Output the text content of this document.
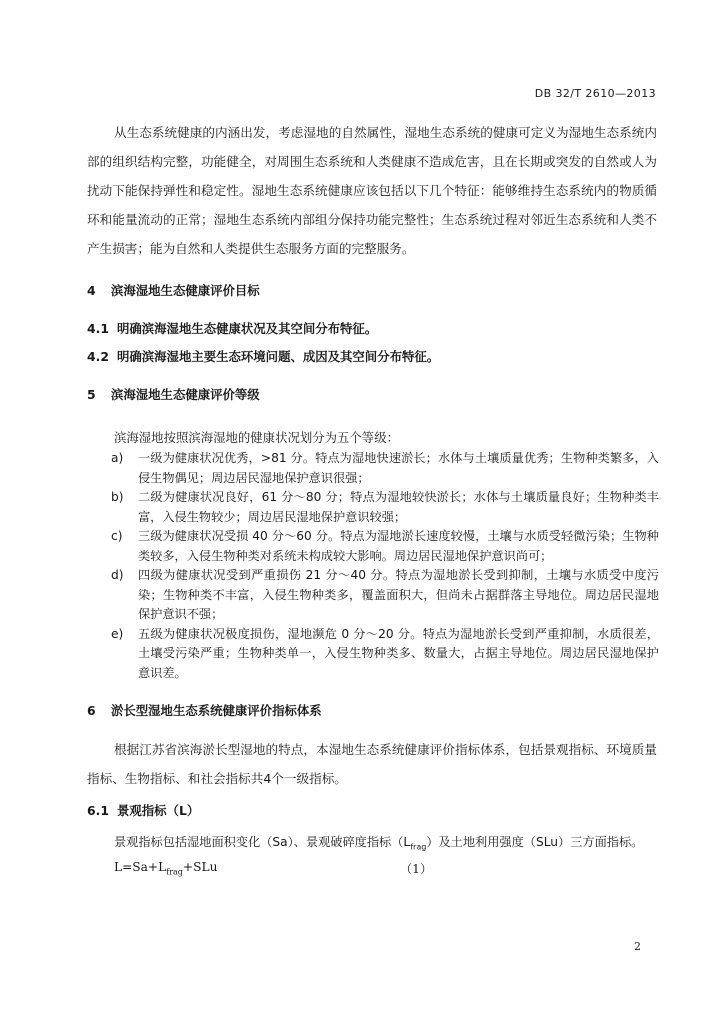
DB 32/T 2610—2013

从生态系统健康的内涵出发，考虑湿地的自然属性，湿地生态系统的健康可定义为湿地生态系统内部的组织结构完整，功能健全，对周围生态系统和人类健康不造成危害，且在长期或突发的自然或人为扰动下能保持弹性和稳定性。湿地生态系统健康应该包括以下几个特征：能够维持生态系统内的物质循环和能量流动的正常；湿地生态系统内部组分保持功能完整性；生态系统过程对邻近生态系统和人类不产生损害；能为自然和人类提供生态服务方面的完整服务。

4 滨海湿地生态健康评价目标
4.1 明确滨海湿地生态健康状况及其空间分布特征。
4.2 明确滨海湿地主要生态环境问题、成因及其空间分布特征。
5 滨海湿地生态健康评价等级

滨海湿地按照滨海湿地的健康状况划分为五个等级：

a) 一级为健康状况优秀，>81 分。特点为湿地快速淤长；水体与土壤质量优秀；生物种类繁多，入侵生物偶见；周边居民湿地保护意识很强；
b) 二级为健康状况良好，61 分～80 分；特点为湿地较快淤长；水体与土壤质量良好；生物种类丰富，入侵生物较少；周边居民湿地保护意识较强；
c) 三级为健康状况受损 40 分～60 分。特点为湿地淤长速度较慢，土壤与水质受轻微污染；生物种类较多，入侵生物种类对系统未构成较大影响。周边居民湿地保护意识尚可；
d) 四级为健康状况受到严重损伤 21 分～40 分。特点为湿地淤长受到抑制，土壤与水质受中度污染；生物种类不丰富，入侵生物种类多，覆盖面积大，但尚未占据群落主导地位。周边居民湿地保护意识不强；
e) 五级为健康状况极度损伤，湿地濒危 0 分～20 分。特点为湿地淤长受到严重抑制，水质很差，土壤受污染严重；生物种类单一，入侵生物种类多、数量大，占据主导地位。周边居民湿地保护意识差。
6 淤长型湿地生态系统健康评价指标体系

根据江苏省滨海淤长型湿地的特点，本湿地生态系统健康评价指标体系，包括景观指标、环境质量指标、生物指标、和社会指标共4个一级指标。

6.1 景观指标（L）

景观指标包括湿地面积变化（Sa）、景观破碎度指标$(L_{frag})$及土地利用强度（SLu）三方面指标。

$L=Sa+L_{frag}+SLu$	（1）

2
